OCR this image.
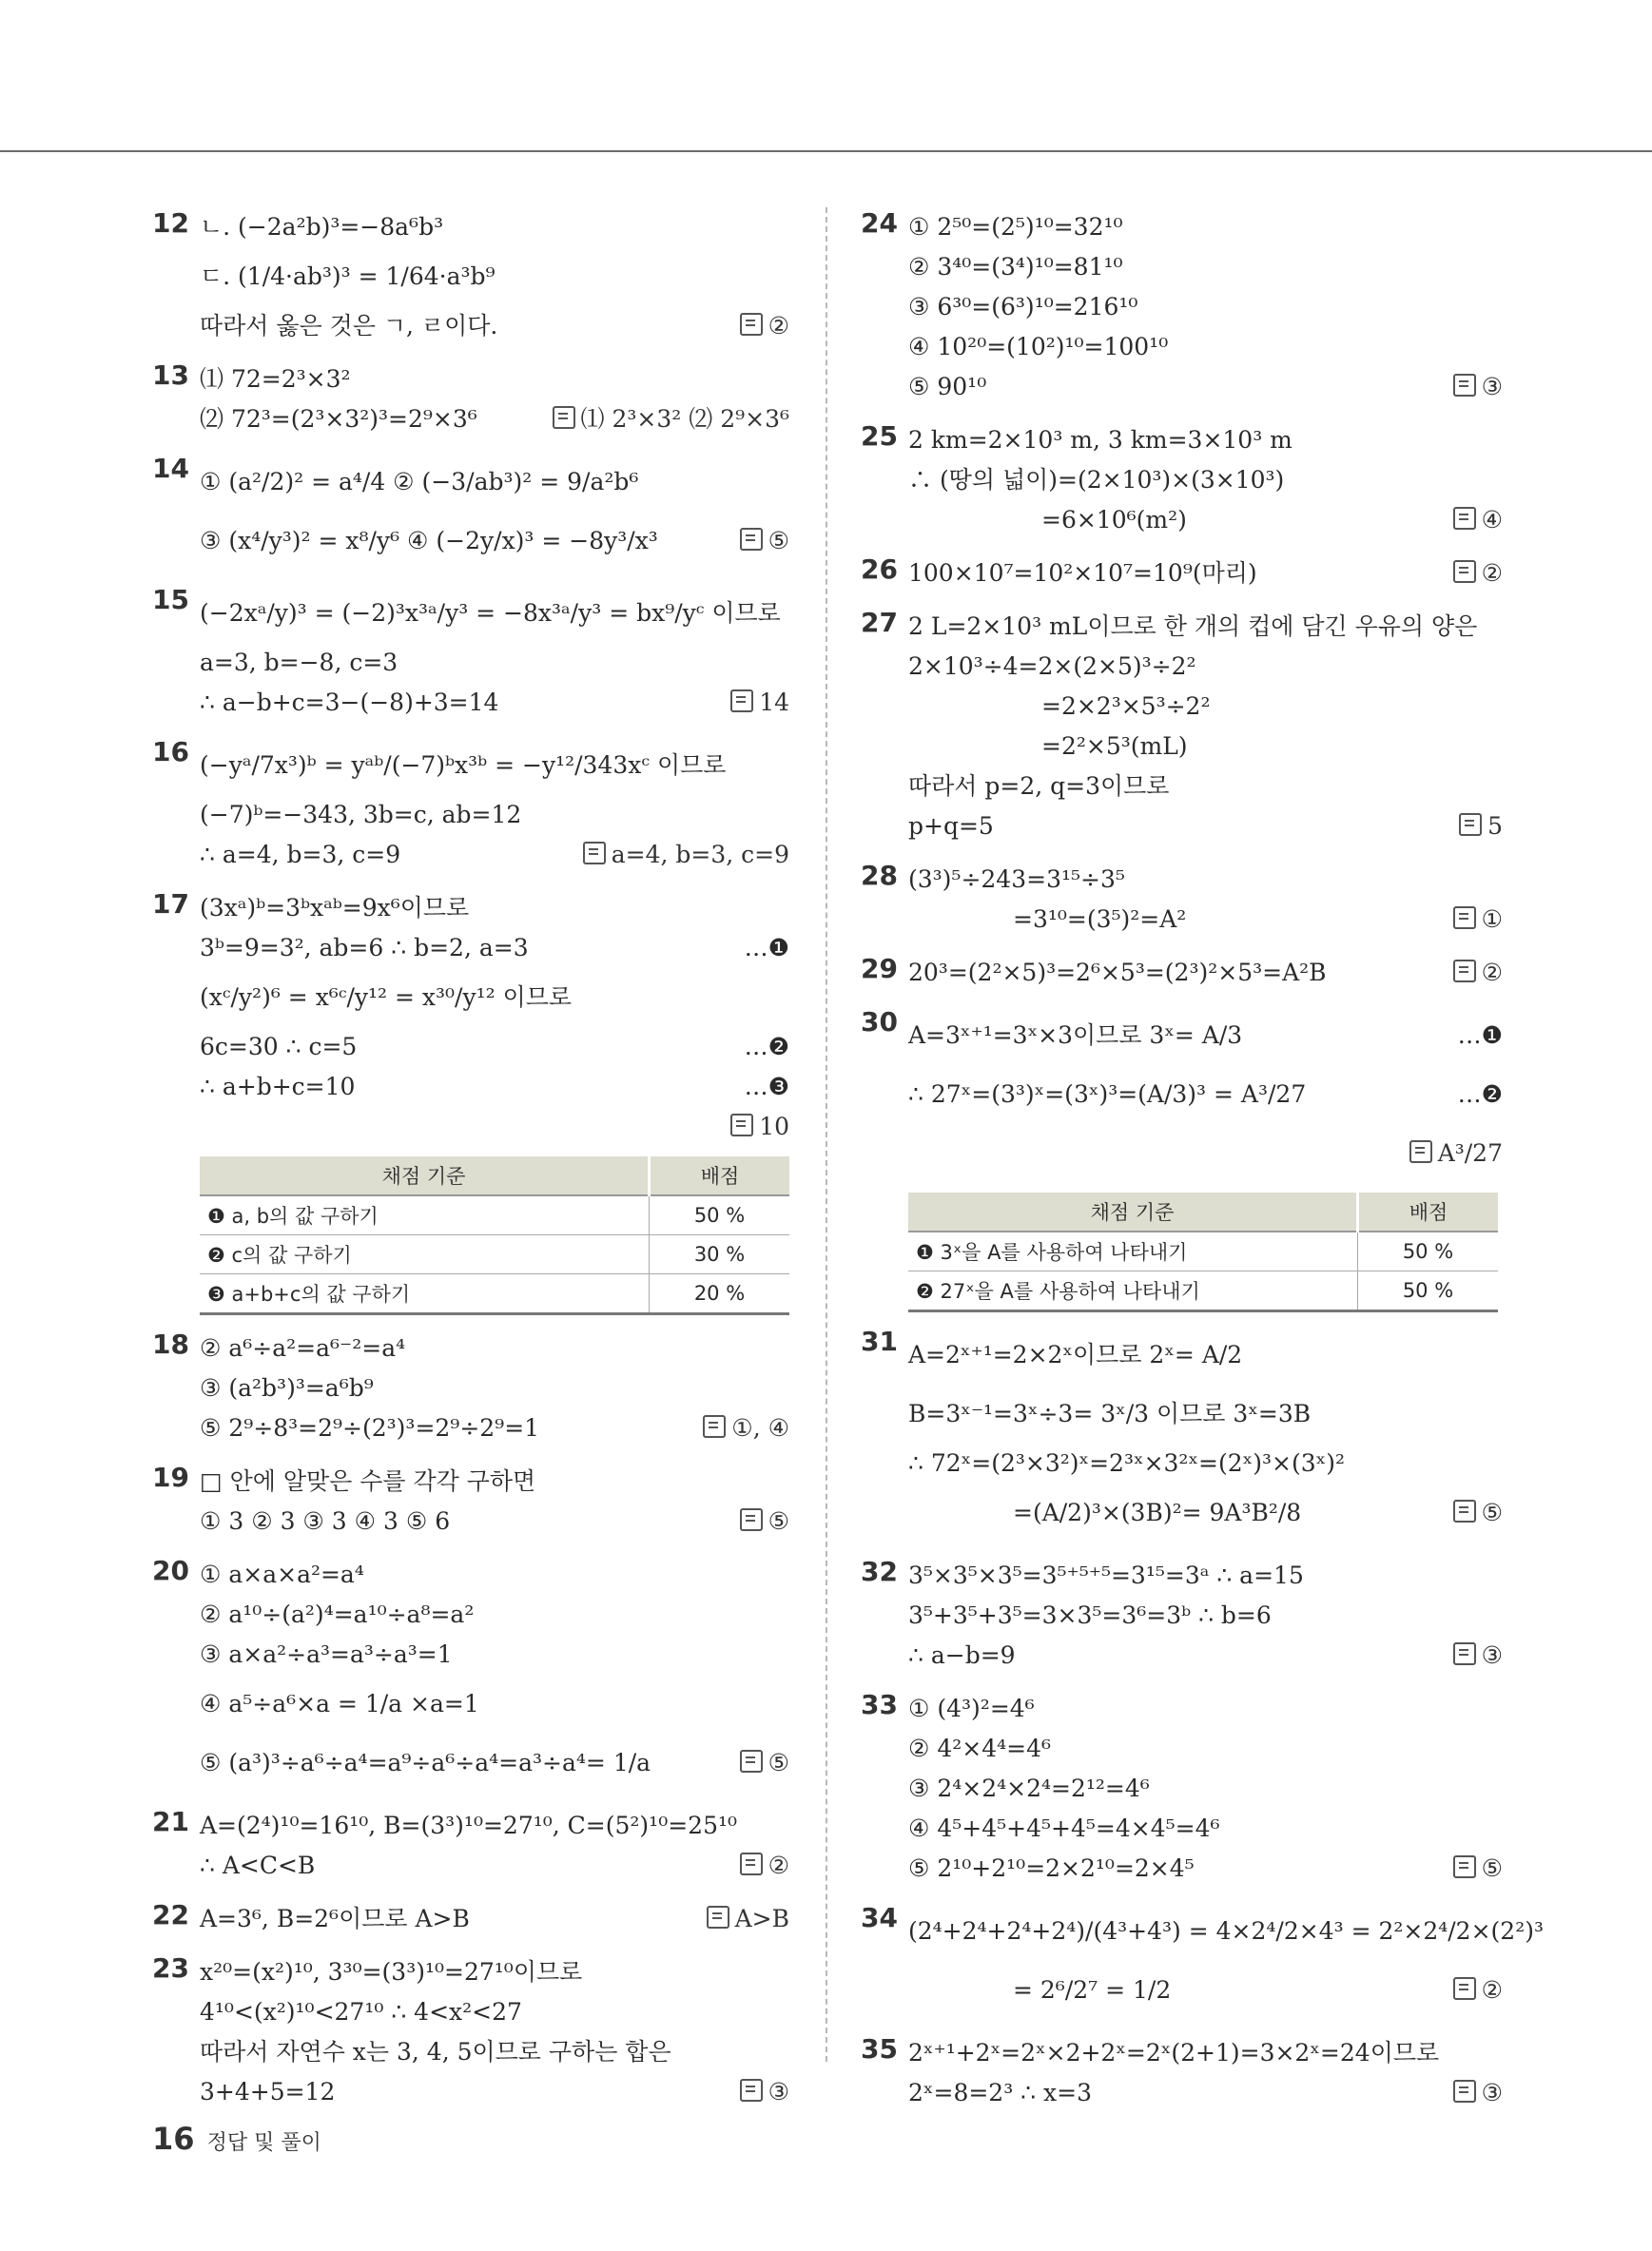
12 ㄴ. (−2a²b)³=−8a⁶b³
ㄷ. (1/4·ab³)³ = 1/64·a³b⁹
따라서 옳은 것은 ㄱ, ㄹ이다.	②
13 ⑴ 72=2³×3²
⑵ 72³=(2³×3²)³=2⁹×3⁶	⑴ 2³×3² ⑵ 2⁹×3⁶
14 ① (a²/2)² = a⁴/4 ② (−3/ab³)² = 9/a²b⁶
③ (x⁴/y³)² = x⁸/y⁶ ④ (−2y/x)³ = −8y³/x³	⑤
15 (−2xᵃ/y)³ = (−2)³x³ᵃ/y³ = −8x³ᵃ/y³ = bx⁹/yᶜ 이므로
a=3, b=−8, c=3
∴ a−b+c=3−(−8)+3=14	14
16 (−yᵃ/7x³)ᵇ = yᵃᵇ/(−7)ᵇx³ᵇ = −y¹²/343xᶜ 이므로
(−7)ᵇ=−343, 3b=c, ab=12
∴ a=4, b=3, c=9	a=4, b=3, c=9
17 (3xᵃ)ᵇ=3ᵇxᵃᵇ=9x⁶이므로
3ᵇ=9=3², ab=6 ∴ b=2, a=3	…❶
(xᶜ/y²)⁶ = x⁶ᶜ/y¹² = x³⁰/y¹² 이므로
6c=30 ∴ c=5	…❷
∴ a+b+c=10	…❸
10
채점 기준	배점
❶ a, b의 값 구하기	50 %
❷ c의 값 구하기	30 %
❸ a+b+c의 값 구하기	20 %
18 ② a⁶÷a²=a⁶⁻²=a⁴
③ (a²b³)³=a⁶b⁹
⑤ 2⁹÷8³=2⁹÷(2³)³=2⁹÷2⁹=1	①, ④
19 □ 안에 알맞은 수를 각각 구하면
① 3 ② 3 ③ 3 ④ 3 ⑤ 6	⑤
20 ① a×a×a²=a⁴
② a¹⁰÷(a²)⁴=a¹⁰÷a⁸=a²
③ a×a²÷a³=a³÷a³=1
④ a⁵÷a⁶×a = 1/a ×a=1
⑤ (a³)³÷a⁶÷a⁴=a⁹÷a⁶÷a⁴=a³÷a⁴= 1/a	⑤
21 A=(2⁴)¹⁰=16¹⁰, B=(3³)¹⁰=27¹⁰, C=(5²)¹⁰=25¹⁰
∴ A<C<B	②
22 A=3⁶, B=2⁶이므로 A>B	A>B
23 x²⁰=(x²)¹⁰, 3³⁰=(3³)¹⁰=27¹⁰이므로
4¹⁰<(x²)¹⁰<27¹⁰ ∴ 4<x²<27
따라서 자연수 x는 3, 4, 5이므로 구하는 합은
3+4+5=12	③
24 ① 2⁵⁰=(2⁵)¹⁰=32¹⁰
② 3⁴⁰=(3⁴)¹⁰=81¹⁰
③ 6³⁰=(6³)¹⁰=216¹⁰
④ 10²⁰=(10²)¹⁰=100¹⁰
⑤ 90¹⁰	③
25 2 km=2×10³ m, 3 km=3×10³ m
∴ (땅의 넓이)=(2×10³)×(3×10³)
=6×10⁶(m²)	④
26 100×10⁷=10²×10⁷=10⁹(마리)	②
27 2 L=2×10³ mL이므로 한 개의 컵에 담긴 우유의 양은
2×10³÷4=2×(2×5)³÷2²
=2×2³×5³÷2²
=2²×5³(mL)
따라서 p=2, q=3이므로
p+q=5	5
28 (3³)⁵÷243=3¹⁵÷3⁵
=3¹⁰=(3⁵)²=A²	①
29 20³=(2²×5)³=2⁶×5³=(2³)²×5³=A²B	②
30 A=3ˣ⁺¹=3ˣ×3이므로 3ˣ= A/3	…❶
∴ 27ˣ=(3³)ˣ=(3ˣ)³=(A/3)³ = A³/27	…❷
A³/27
채점 기준	배점
❶ 3ˣ을 A를 사용하여 나타내기	50 %
❷ 27ˣ을 A를 사용하여 나타내기	50 %
31 A=2ˣ⁺¹=2×2ˣ이므로 2ˣ= A/2
B=3ˣ⁻¹=3ˣ÷3= 3ˣ/3 이므로 3ˣ=3B
∴ 72ˣ=(2³×3²)ˣ=2³ˣ×3²ˣ=(2ˣ)³×(3ˣ)²
=(A/2)³×(3B)²= 9A³B²/8	⑤
32 3⁵×3⁵×3⁵=3⁵⁺⁵⁺⁵=3¹⁵=3ᵃ ∴ a=15
3⁵+3⁵+3⁵=3×3⁵=3⁶=3ᵇ ∴ b=6
∴ a−b=9	③
33 ① (4³)²=4⁶
② 4²×4⁴=4⁶
③ 2⁴×2⁴×2⁴=2¹²=4⁶
④ 4⁵+4⁵+4⁵+4⁵=4×4⁵=4⁶
⑤ 2¹⁰+2¹⁰=2×2¹⁰=2×4⁵	⑤
34 (2⁴+2⁴+2⁴+2⁴)/(4³+4³) = 4×2⁴/2×4³ = 2²×2⁴/2×(2²)³
= 2⁶/2⁷ = 1/2	②
35 2ˣ⁺¹+2ˣ=2ˣ×2+2ˣ=2ˣ(2+1)=3×2ˣ=24이므로
2ˣ=8=2³ ∴ x=3	③
16 정답 및 풀이
